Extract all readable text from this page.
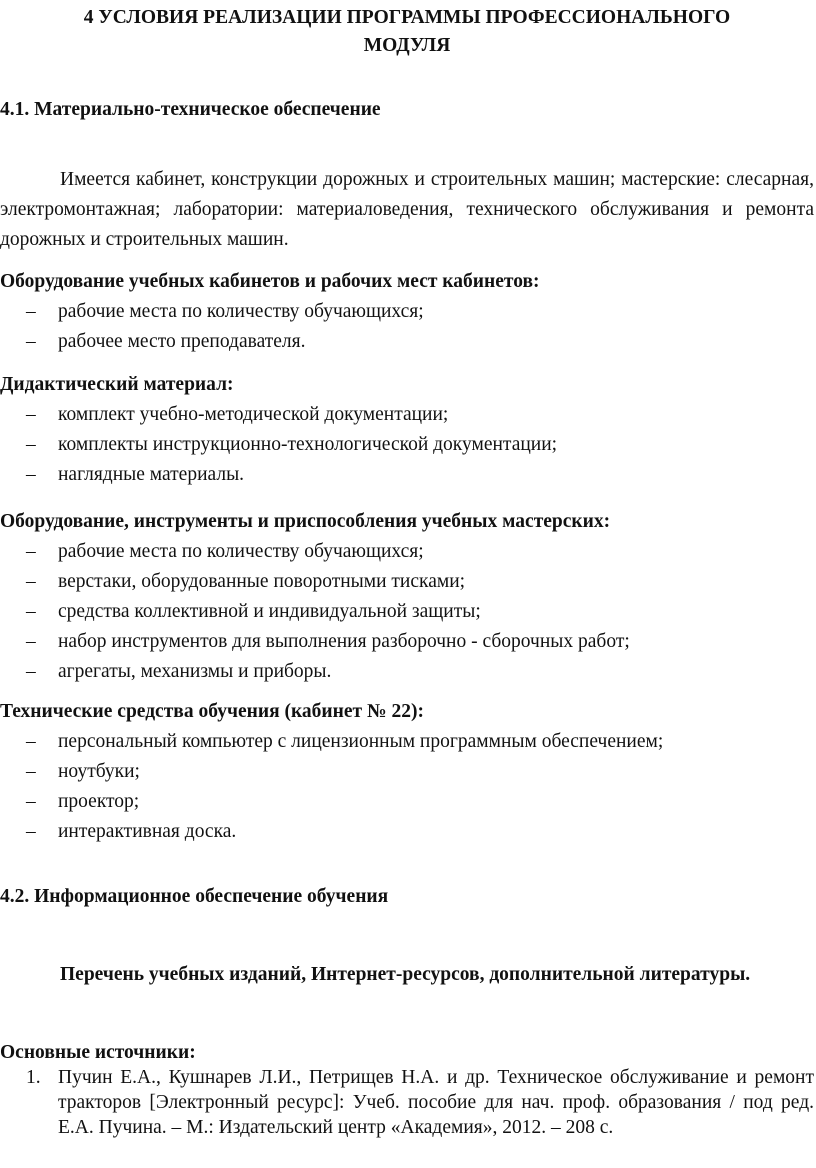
4 УСЛОВИЯ РЕАЛИЗАЦИИ ПРОГРАММЫ ПРОФЕССИОНАЛЬНОГО
МОДУЛЯ
4.1. Материально-техническое обеспечение
Имеется кабинет, конструкции дорожных и строительных машин; мастерские: слесарная, электромонтажная; лаборатории: материаловедения, технического обслуживания и ремонта дорожных и строительных машин.
Оборудование учебных кабинетов и рабочих мест кабинетов:
– рабочие места по количеству обучающихся;
– рабочее место преподавателя.
Дидактический материал:
– комплект учебно-методической документации;
– комплекты инструкционно-технологической документации;
– наглядные материалы.
Оборудование, инструменты и приспособления учебных мастерских:
– рабочие места по количеству обучающихся;
– верстаки, оборудованные поворотными тисками;
– средства коллективной и индивидуальной защиты;
– набор инструментов для выполнения разборочно - сборочных работ;
– агрегаты, механизмы и приборы.
Технические средства обучения (кабинет № 22):
– персональный компьютер с лицензионным программным обеспечением;
– ноутбуки;
– проектор;
– интерактивная доска.
4.2. Информационное обеспечение обучения
Перечень учебных изданий, Интернет-ресурсов, дополнительной литературы.
Основные источники:
1. Пучин Е.А., Кушнарев Л.И., Петрищев Н.А. и др. Техническое обслуживание и ремонт тракторов [Электронный ресурс]: Учеб. пособие для нач. проф. образования / под ред. Е.А. Пучина. – М.: Издательский центр «Академия», 2012. – 208 с.
